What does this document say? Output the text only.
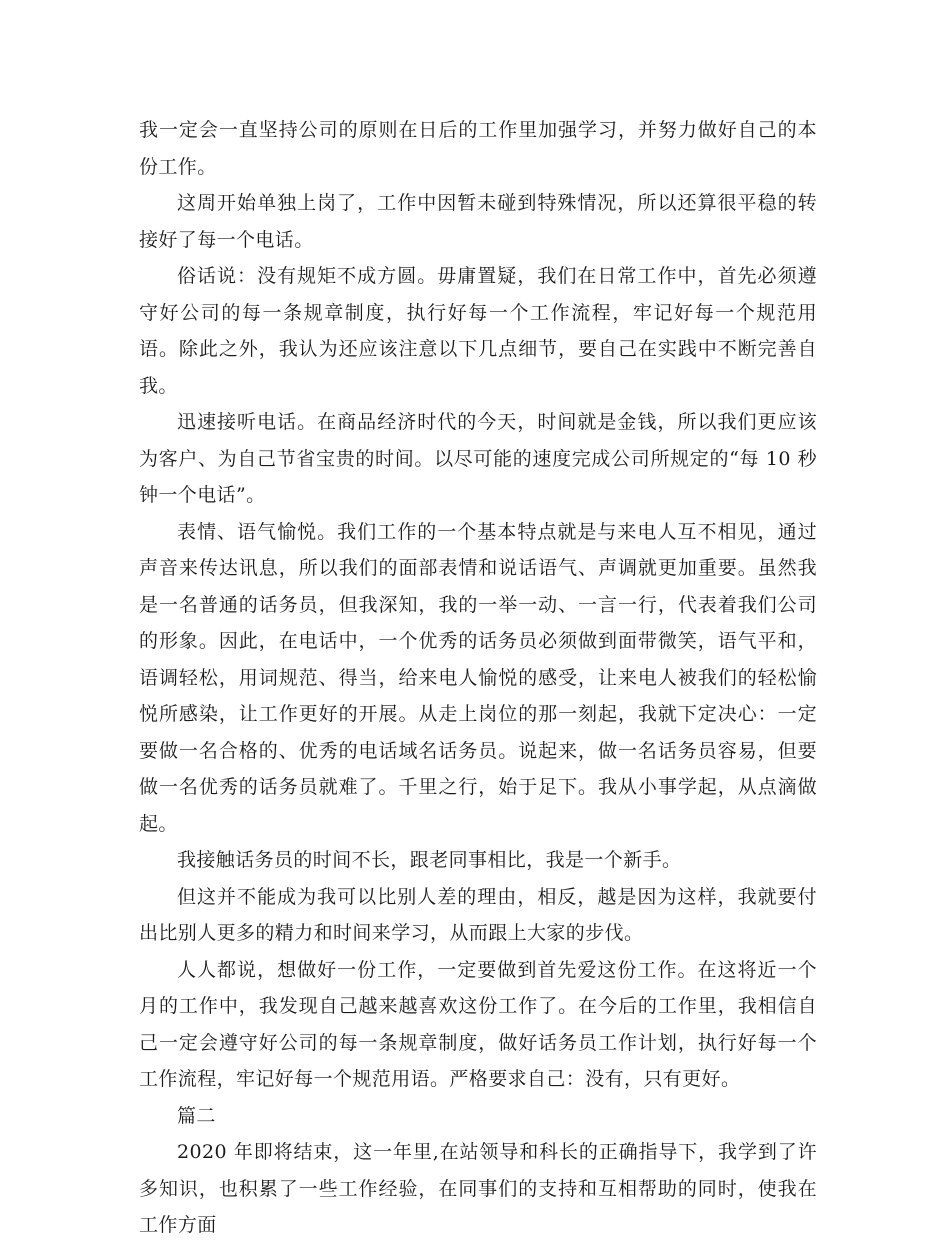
我一定会一直坚持公司的原则在日后的工作里加强学习，并努力做好自己的本份工作。

这周开始单独上岗了，工作中因暂未碰到特殊情况，所以还算很平稳的转接好了每一个电话。

俗话说：没有规矩不成方圆。毋庸置疑，我们在日常工作中，首先必须遵守好公司的每一条规章制度，执行好每一个工作流程，牢记好每一个规范用语。除此之外，我认为还应该注意以下几点细节，要自己在实践中不断完善自我。

迅速接听电话。在商品经济时代的今天，时间就是金钱，所以我们更应该为客户、为自己节省宝贵的时间。以尽可能的速度完成公司所规定的“每 10 秒钟一个电话”。

表情、语气愉悦。我们工作的一个基本特点就是与来电人互不相见，通过声音来传达讯息，所以我们的面部表情和说话语气、声调就更加重要。虽然我是一名普通的话务员，但我深知，我的一举一动、一言一行，代表着我们公司的形象。因此，在电话中，一个优秀的话务员必须做到面带微笑，语气平和，语调轻松，用词规范、得当，给来电人愉悦的感受，让来电人被我们的轻松愉悦所感染，让工作更好的开展。从走上岗位的那一刻起，我就下定决心：一定要做一名合格的、优秀的电话域名话务员。说起来，做一名话务员容易，但要做一名优秀的话务员就难了。千里之行，始于足下。我从小事学起，从点滴做起。

我接触话务员的时间不长，跟老同事相比，我是一个新手。

但这并不能成为我可以比别人差的理由，相反，越是因为这样，我就要付出比别人更多的精力和时间来学习，从而跟上大家的步伐。

人人都说，想做好一份工作，一定要做到首先爱这份工作。在这将近一个月的工作中，我发现自己越来越喜欢这份工作了。在今后的工作里，我相信自己一定会遵守好公司的每一条规章制度，做好话务员工作计划，执行好每一个工作流程，牢记好每一个规范用语。严格要求自己：没有，只有更好。

篇二

2020 年即将结束，这一年里,在站领导和科长的正确指导下，我学到了许多知识，也积累了一些工作经验，在同事们的支持和互相帮助的同时，使我在工作方面
